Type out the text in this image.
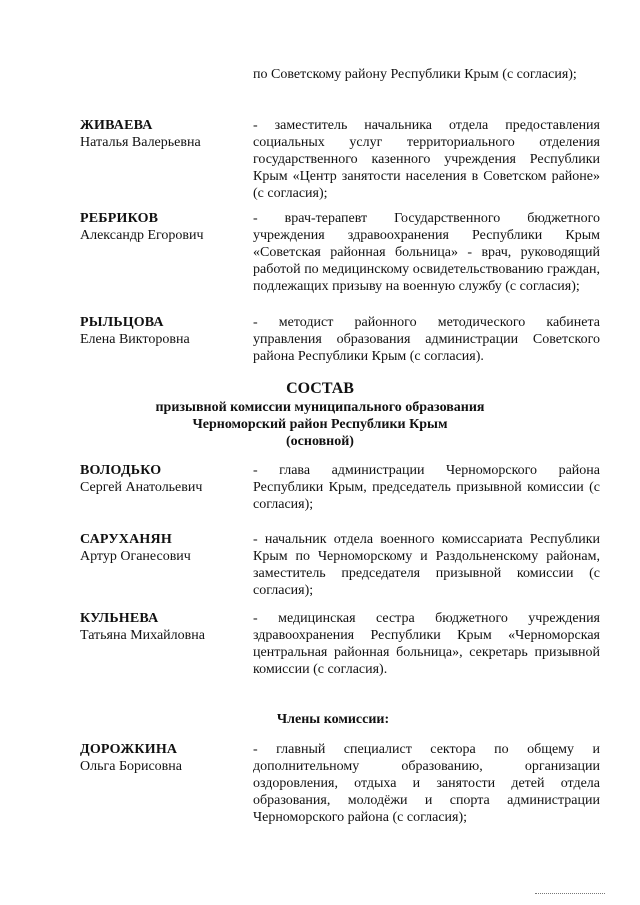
по Советскому району Республики Крым (с согласия);
ЖИВАЕВА
Наталья Валерьевна
- заместитель начальника отдела предоставления социальных услуг территориального отделения государственного казенного учреждения Республики Крым «Центр занятости населения в Советском районе» (с согласия);
РЕБРИКОВ
Александр Егорович
- врач-терапевт Государственного бюджетного учреждения здравоохранения Республики Крым «Советская районная больница» - врач, руководящий работой по медицинскому освидетельствованию граждан, подлежащих призыву на военную службу (с согласия);
РЫЛЬЦОВА
Елена Викторовна
- методист районного методического кабинета управления образования администрации Советского района Республики Крым (с согласия).
СОСТАВ
призывной комиссии муниципального образования
Черноморский район Республики Крым
(основной)
ВОЛОДЬКО
Сергей Анатольевич
- глава администрации Черноморского района Республики Крым, председатель призывной комиссии (с согласия);
САРУХАНЯН
Артур Оганесович
- начальник отдела военного комиссариата Республики Крым по Черноморскому и Раздольненскому районам, заместитель председателя призывной комиссии (с согласия);
КУЛЬНЕВА
Татьяна Михайловна
- медицинская сестра бюджетного учреждения здравоохранения Республики Крым «Черноморская центральная районная больница», секретарь призывной комиссии (с согласия).
Члены комиссии:
ДОРОЖКИНА
Ольга Борисовна
- главный специалист сектора по общему и дополнительному образованию, организации оздоровления, отдыха и занятости детей отдела образования, молодёжи и спорта администрации Черноморского района (с согласия);
